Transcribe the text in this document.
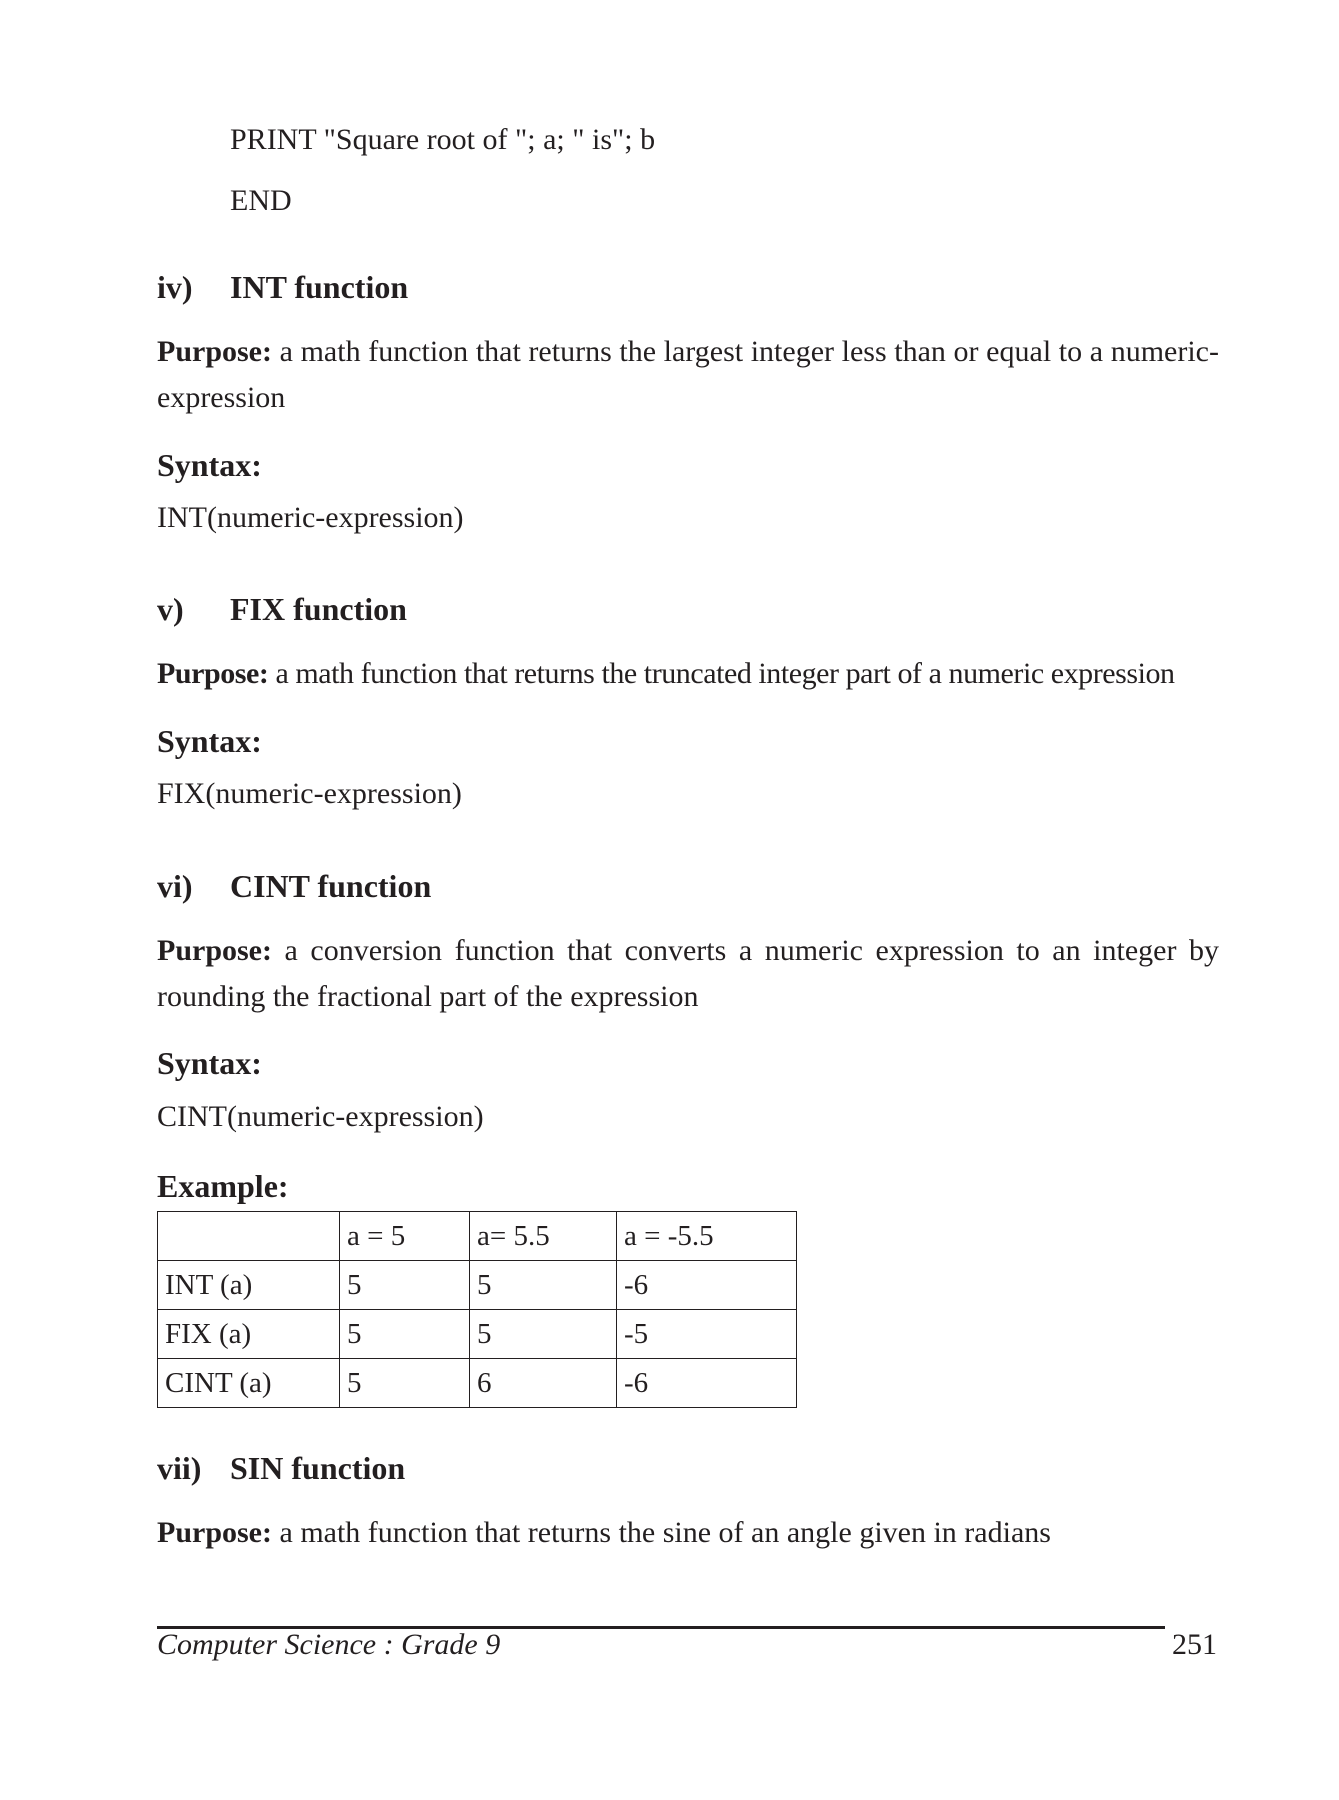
PRINT "Square root of "; a; " is"; b
END
iv) INT function
Purpose: a math function that returns the largest integer less than or equal to a numeric-expression
Syntax:
INT(numeric-expression)
v) FIX function
Purpose: a math function that returns the truncated integer part of a numeric expression
Syntax:
FIX(numeric-expression)
vi) CINT function
Purpose: a conversion function that converts a numeric expression to an integer by rounding the fractional part of the expression
Syntax:
CINT(numeric-expression)
Example:
	a = 5	a= 5.5	a = -5.5
INT (a)	5	5	-6
FIX (a)	5	5	-5
CINT (a)	5	6	-6
vii) SIN function
Purpose: a math function that returns the sine of an angle given in radians
Computer Science : Grade 9	251
